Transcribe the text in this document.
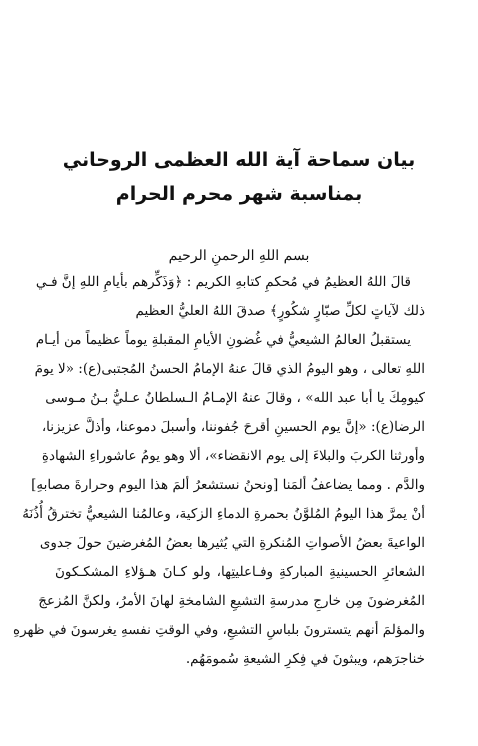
بيان سماحة آية الله العظمى الروحاني
بمناسبة شهر محرم الحرام
بسم اللهِ الرحمنِ الرحيم
قالَ اللهُ العظيمُ في مُحكمِ كتابهِ الكريم : ﴿وَذَكِّرهم بأيامِ اللهِ إنَّ فـي
ذلك لآياتٍ لكلِّ صبّارٍ شكُورٍ﴾ صدقَ اللهُ العليُّ العظيم
يستقبلُ العالمُ الشيعيُّ في غُضونِ الأيامِ المقبلةِ يوماً عظيماً من أيـام
اللهِ تعالى ، وهو اليومُ الذي قالَ عنهُ الإمامُ الحسنُ المُجتبى(ع): «لا يومَ
كيومِكَ يا أبا عبد الله» ، وقالَ عنهُ الإمـامُ الـسلطانُ عـليُّ بـنُ مـوسى
الرضا(ع): «إنَّ يوم الحسينِ أقرحَ جُفوننا، وأسبلَ دموعنا، وأذلَّ عزيزنا،
وأورثنا الكربَ والبلاءَ إلى يوم الانقضاء»، ألا وهو يومُ عاشوراءِ الشهادةِ
والدَّم . ومما يضاعفُ ألمَنا [ونحنُ نستشعرُ ألمَ هذا اليوم وحرارةَ مصابهِ]
أنْ يمرَّ هذا اليومُ المُلوَّنُ بحمرةِ الدماءِ الزكية، وعالمُنا الشيعيُّ تخترقُ أُذُنَهُ
الواعيةَ بعضُ الأصواتِ المُنكرةِ التي يُثيرها بعضُ المُغرضينَ حولَ جدوى
الشعائرِ الحسينيةِ المباركةِ وفـاعليتِها، ولو كـانَ هـؤلاءِ المشكـكونَ
المُغرضونَ مِن خارجِ مدرسةِ التشيعِ الشامخةِ لهانَ الأمرُ، ولكنَّ المُزعجَ
والمؤلمَ أنهم يتسترونَ بلباسِ التشيعِ، وفي الوقتِ نفسهِ يغرسونَ في ظهرهِ
خناجرَهم، ويبثونَ في فِكرِ الشيعةِ سُمومَهُم.
